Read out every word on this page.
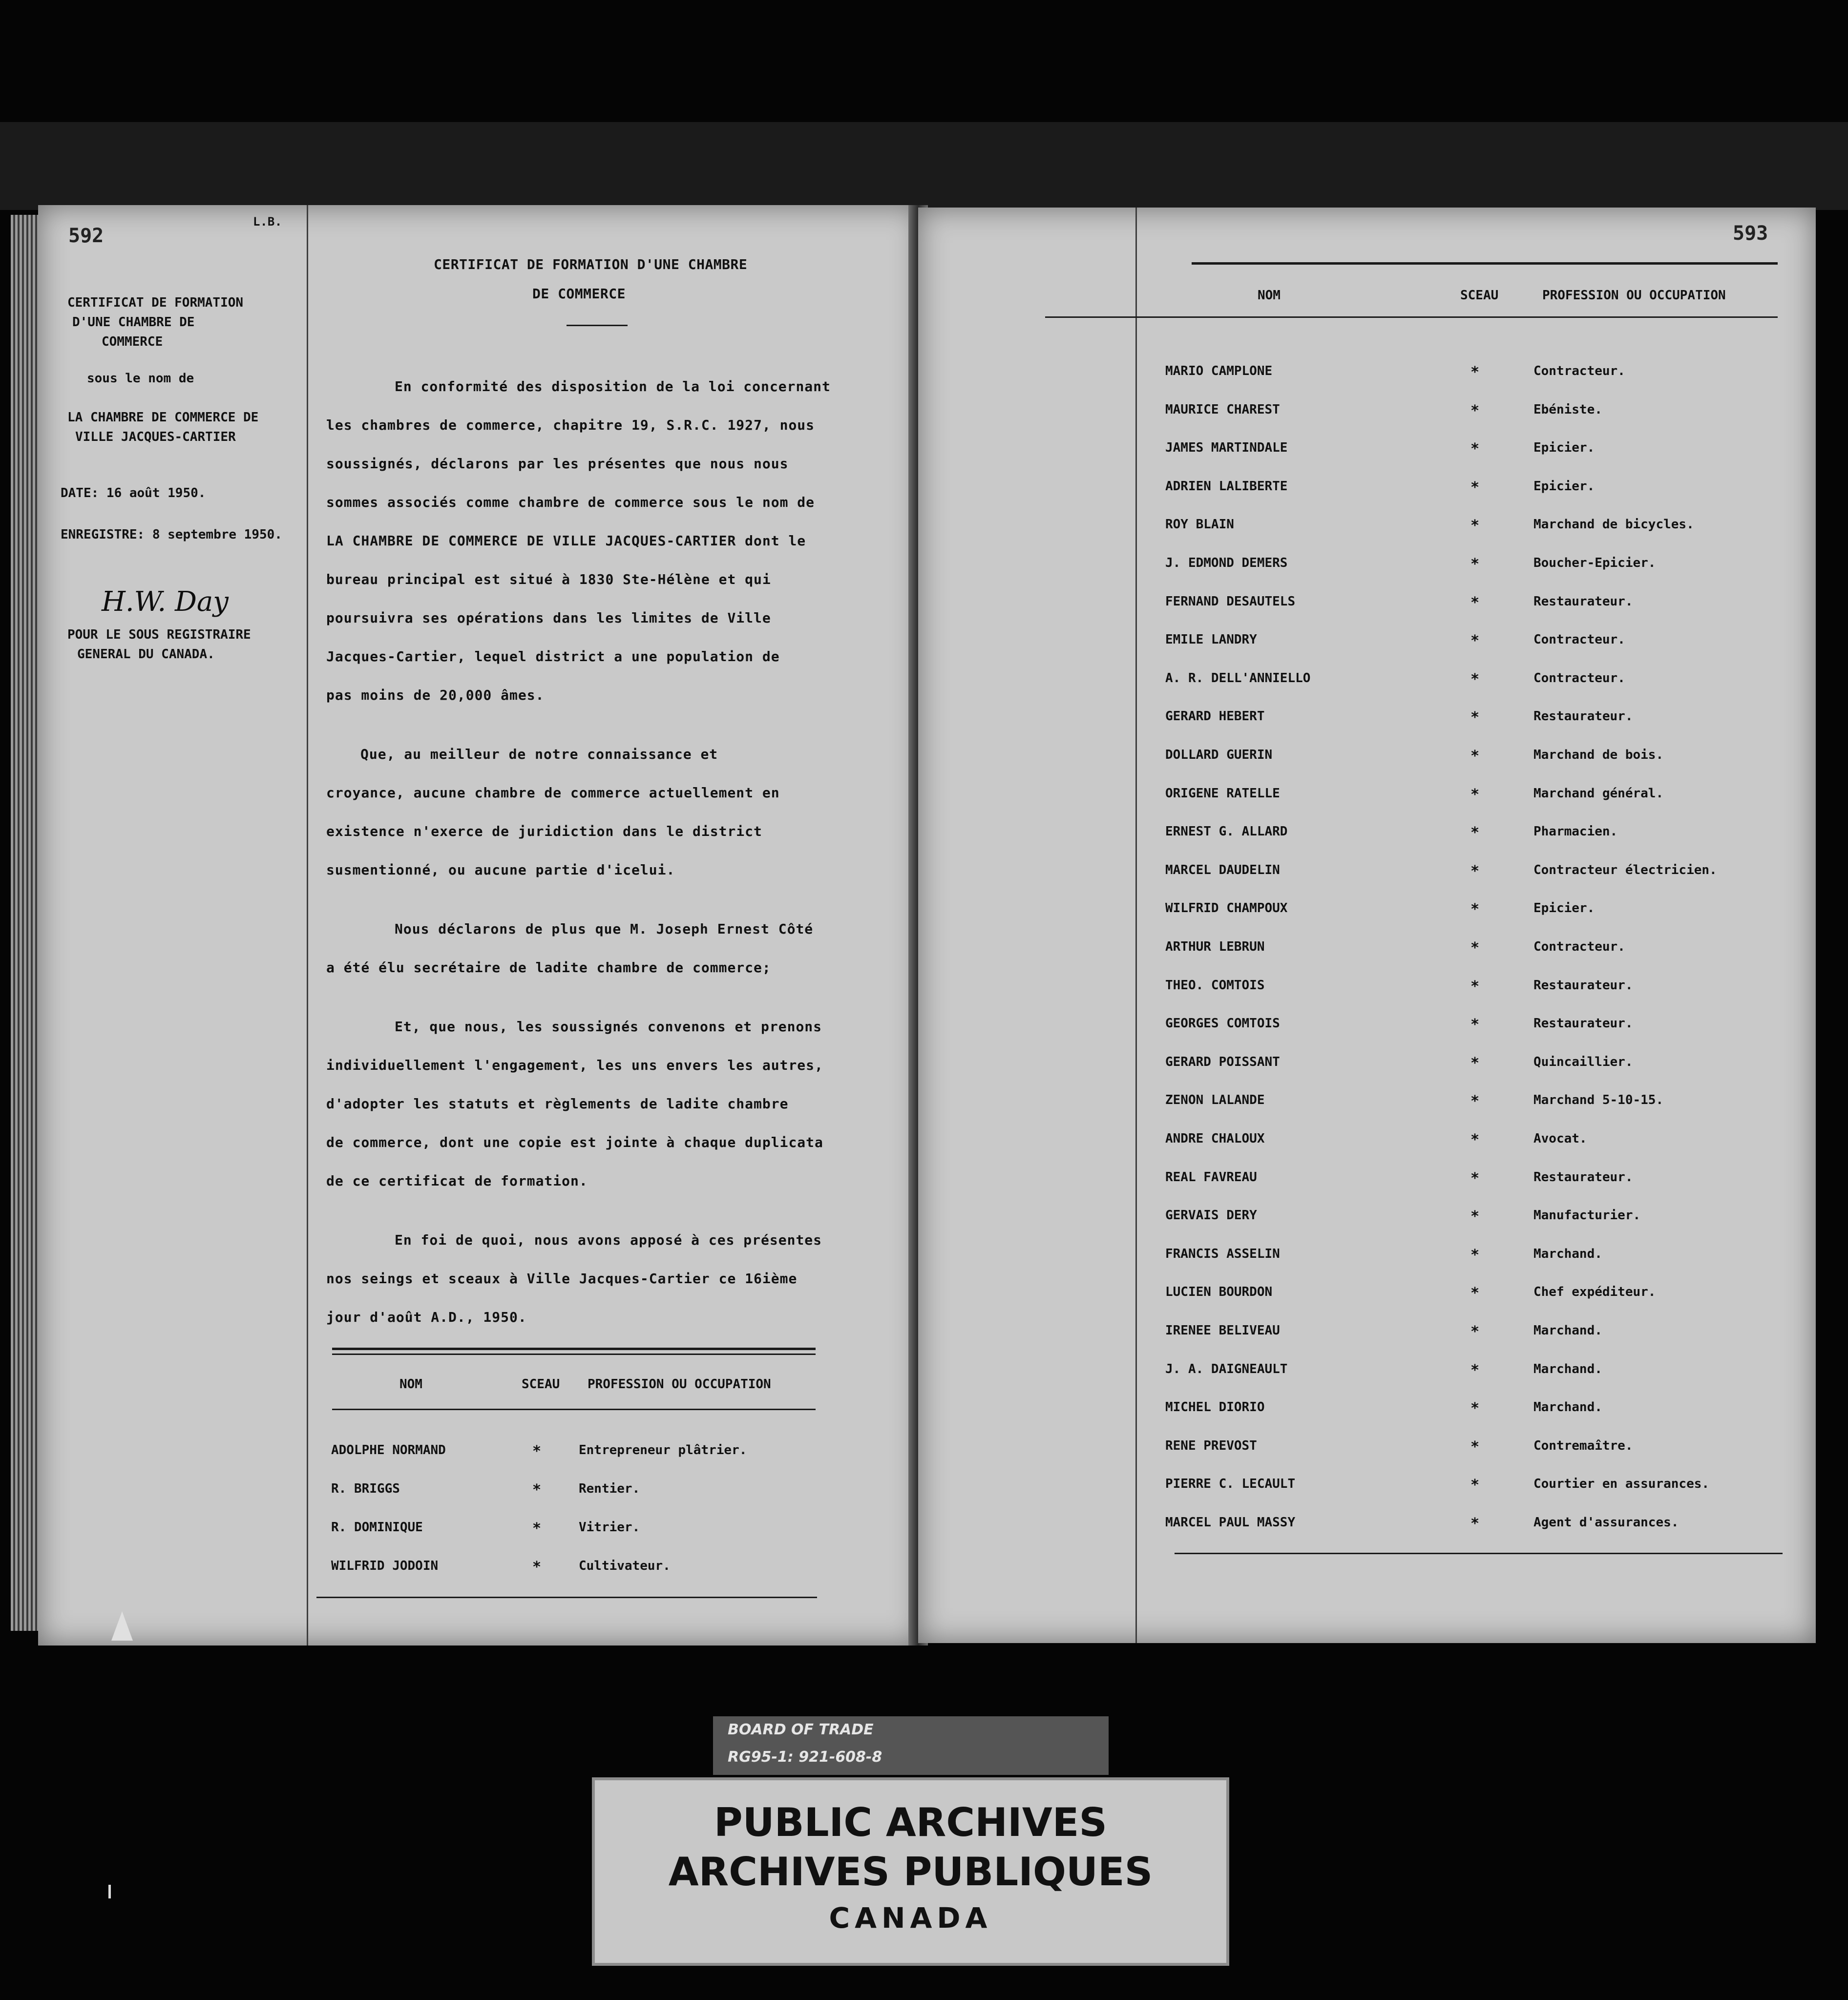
592
L.B.
CERTIFICAT DE FORMATION
D'UNE CHAMBRE DE
COMMERCE
sous le nom de
LA CHAMBRE DE COMMERCE DE
VILLE JACQUES-CARTIER
DATE: 16 août 1950.
ENREGISTRE: 8 septembre 1950.
H.W. Day
POUR LE SOUS REGISTRAIRE
GENERAL DU CANADA.
CERTIFICAT DE FORMATION D'UNE CHAMBRE
DE COMMERCE
En conformité des disposition de la loi concernant
les chambres de commerce, chapitre 19, S.R.C. 1927, nous
soussignés, déclarons par les présentes que nous nous
sommes associés comme chambre de commerce sous le nom de
LA CHAMBRE DE COMMERCE DE VILLE JACQUES-CARTIER dont le
bureau principal est situé à 1830 Ste-Hélène et qui
poursuivra ses opérations dans les limites de Ville
Jacques-Cartier, lequel district a une population de
pas moins de 20,000 âmes.
Que, au meilleur de notre connaissance et
croyance, aucune chambre de commerce actuellement en
existence n'exerce de juridiction dans le district
susmentionné, ou aucune partie d'icelui.
Nous déclarons de plus que M. Joseph Ernest Côté
a été élu secrétaire de ladite chambre de commerce;
Et, que nous, les soussignés convenons et prenons
individuellement l'engagement, les uns envers les autres,
d'adopter les statuts et règlements de ladite chambre
de commerce, dont une copie est jointe à chaque duplicata
de ce certificat de formation.
En foi de quoi, nous avons apposé à ces présentes
nos seings et sceaux à Ville Jacques-Cartier ce 16ième
jour d'août A.D., 1950.
NOM	SCEAU PROFESSION OU OCCUPATION
ADOLPHE NORMAND	*	Entrepreneur plâtrier.
R. BRIGGS	*	Rentier.
R. DOMINIQUE	*	Vitrier.
WILFRID JODOIN	*	Cultivateur.
593
NOM	SCEAU	PROFESSION OU OCCUPATION
MARIO CAMPLONE	*	Contracteur.
MAURICE CHAREST	*	Ebéniste.
JAMES MARTINDALE	*	Epicier.
ADRIEN LALIBERTE	*	Epicier.
ROY BLAIN	*	Marchand de bicycles.
J. EDMOND DEMERS	*	Boucher-Epicier.
FERNAND DESAUTELS	*	Restaurateur.
EMILE LANDRY	*	Contracteur.
A. R. DELL'ANNIELLO	*	Contracteur.
GERARD HEBERT	*	Restaurateur.
DOLLARD GUERIN	*	Marchand de bois.
ORIGENE RATELLE	*	Marchand général.
ERNEST G. ALLARD	*	Pharmacien.
MARCEL DAUDELIN	*	Contracteur électricien.
WILFRID CHAMPOUX	*	Epicier.
ARTHUR LEBRUN	*	Contracteur.
THEO. COMTOIS	*	Restaurateur.
GEORGES COMTOIS	*	Restaurateur.
GERARD POISSANT	*	Quincaillier.
ZENON LALANDE	*	Marchand 5-10-15.
ANDRE CHALOUX	*	Avocat.
REAL FAVREAU	*	Restaurateur.
GERVAIS DERY	*	Manufacturier.
FRANCIS ASSELIN	*	Marchand.
LUCIEN BOURDON	*	Chef expéditeur.
IRENEE BELIVEAU	*	Marchand.
J. A. DAIGNEAULT	*	Marchand.
MICHEL DIORIO	*	Marchand.
RENE PREVOST	*	Contremaître.
PIERRE C. LECAULT	*	Courtier en assurances.
MARCEL PAUL MASSY	*	Agent d'assurances.
BOARD OF TRADE
RG95-1: 921-608-8
PUBLIC ARCHIVES
ARCHIVES PUBLIQUES
CANADA
